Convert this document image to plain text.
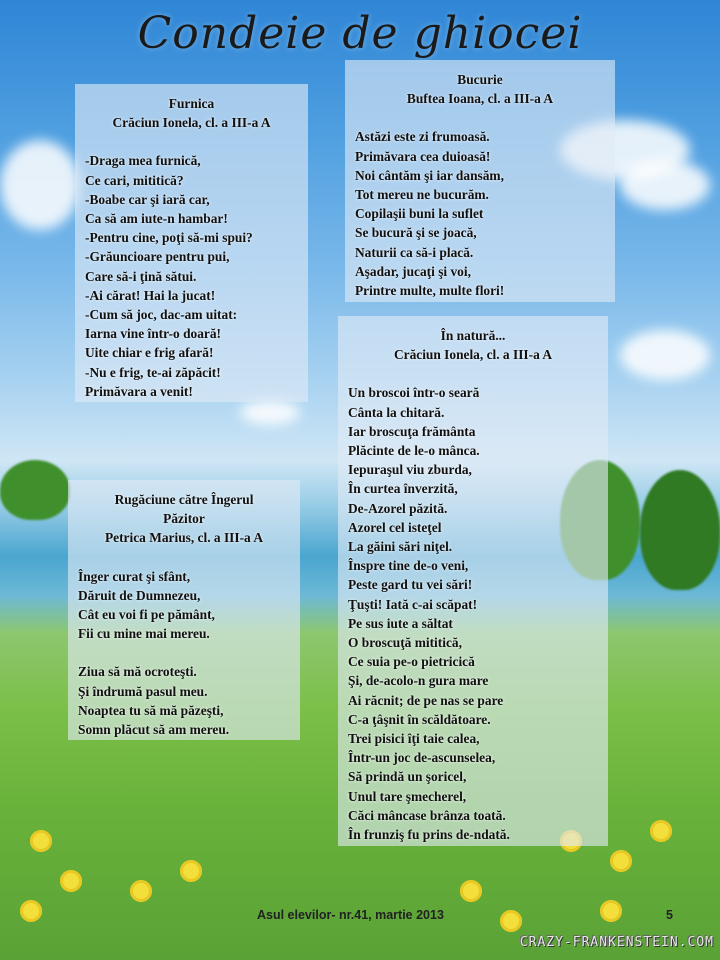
Condeie de ghiocei
Furnica
Crăciun Ionela, cl. a III-a A
-Draga mea furnică,
Ce cari, mititică?
-Boabe car şi iară car,
Ca să am iute-n hambar!
-Pentru cine, poţi să-mi spui?
-Grăuncioare pentru pui,
Care să-i ţină sătui.
-Ai cărat! Hai la jucat!
-Cum să joc, dac-am uitat:
Iarna vine într-o doară!
Uite chiar e frig afară!
-Nu e frig, te-ai zăpăcit!
Primăvara a venit!
Bucurie
Buftea Ioana, cl. a III-a A
Astăzi este zi frumoasă.
Primăvara cea duioasă!
Noi cântăm şi iar dansăm,
Tot mereu ne bucurăm.
Copilaşii buni la suflet
Se bucură şi se joacă,
Naturii ca să-i placă.
Aşadar, jucaţi şi voi,
Printre multe, multe flori!
În natură...
Crăciun Ionela, cl. a III-a A
Un broscoi într-o seară
Cânta la chitară.
Iar broscuţa frământa
Plăcinte de le-o mânca.
Iepuraşul viu zburda,
În curtea înverzită,
De-Azorel păzită.
Azorel cel isteţel
La găini sări niţel.
Înspre tine de-o veni,
Peste gard tu vei sări!
Ţuşti! Iată c-ai scăpat!
Pe sus iute a săltat
O broscuţă mititică,
Ce suia pe-o pietricică
Şi, de-acolo-n gura mare
Ai răcnit; de pe nas se pare
C-a ţâşnit în scăldătoare.
Trei pisici îţi taie calea,
Într-un joc de-ascunselea,
Să prindă un şoricel,
Unul tare şmecherel,
Căci mâncase brânza toată.
În frunziş fu prins de-ndată.
Rugăciune către Îngerul
Păzitor
Petrica Marius, cl. a III-a A
Înger curat şi sfânt,
Dăruit de Dumnezeu,
Cât eu voi fi pe pământ,
Fii cu mine mai mereu.
Ziua să mă ocroteşti.
Şi îndrumă pasul meu.
Noaptea tu să mă păzeşti,
Somn plăcut să am mereu.
Asul elevilor- nr.41, martie 2013	5
CRAZY-FRANKENSTEIN.COM
